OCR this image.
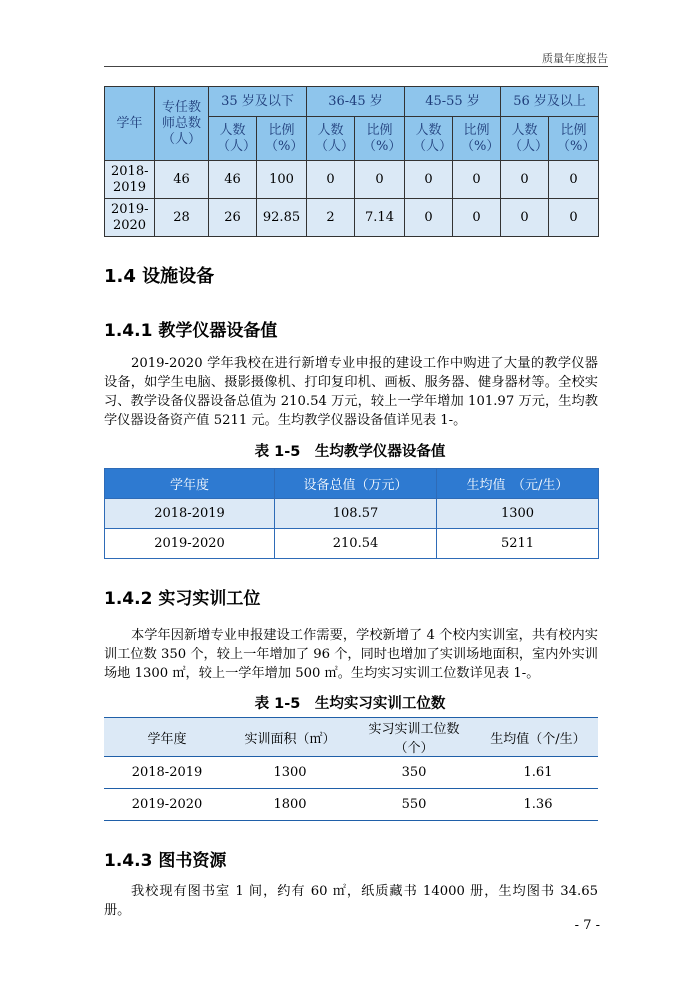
质量年度报告
学年	专任教师总数（人）	35 岁及以下		36-45 岁		45-55 岁		56 岁及以上	
		人数（人）	比例（%）	人数（人）	比例（%）	人数（人）	比例（%）	人数（人）	比例（%）
2018-2019	46	46	100	0	0	0	0	0	0
2019-2020	28	26	92.85	2	7.14	0	0	0	0
1.4 设施设备
1.4.1 教学仪器设备值

2019-2020 学年我校在进行新增专业申报的建设工作中购进了大量的教学仪器设备，如学生电脑、摄影摄像机、打印复印机、画板、服务器、健身器材等。全校实习、教学设备仪器设备总值为 210.54 万元，较上一学年增加 101.97 万元，生均教学仪器设备资产值 5211 元。生均教学仪器设备值详见表 1-。

表 1-5　生均教学仪器设备值

学年度	设备总值（万元）	生均值　（元/生）
2018-2019	108.57	1300
2019-2020	210.54	5211
1.4.2 实习实训工位

本学年因新增专业申报建设工作需要，学校新增了 4 个校内实训室，共有校内实训工位数 350 个，较上一年增加了 96 个，同时也增加了实训场地面积，室内外实训场地 1300 ㎡，较上一学年增加 500 ㎡。生均实习实训工位数详见表 1-。

表 1-5　生均实习实训工位数

学年度	实训面积（㎡）	实习实训工位数（个）	生均值（个/生）
2018-2019	1300	350	1.61
2019-2020	1800	550	1.36
1.4.3 图书资源

我校现有图书室 1 间，约有 60 ㎡，纸质藏书 14000 册，生均图书 34.65 册。

- 7 -
